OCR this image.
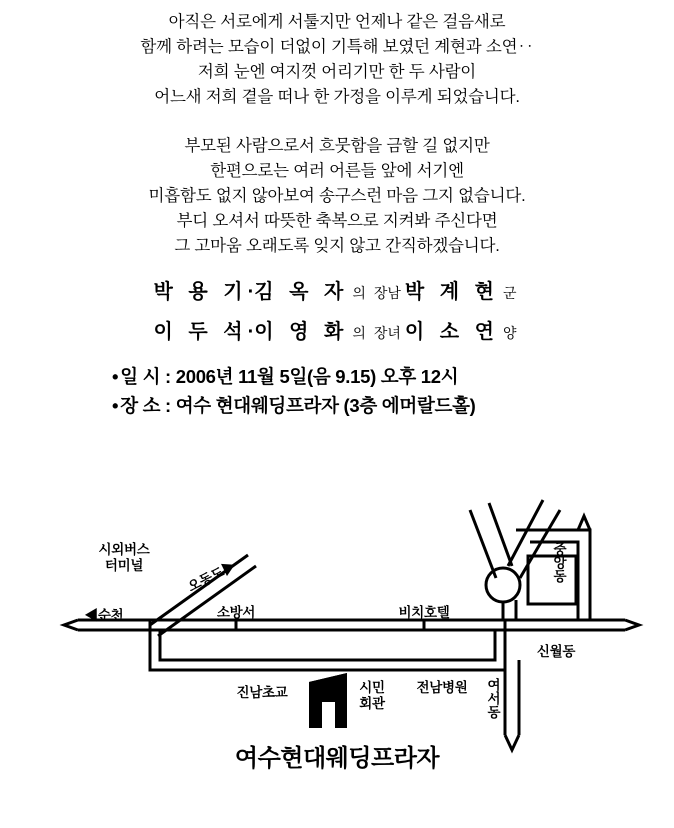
아직은 서로에게 서툴지만 언제나 같은 걸음새로
함께 하려는 모습이 더없이 기특해 보였던 계현과 소연‥
저희 눈엔 여지껏 어리기만 한 두 사람이
어느새 저희 곁을 떠나 한 가정을 이루게 되었습니다.
부모된 사람으로서 흐뭇함을 금할 길 없지만
한편으로는 여러 어른들 앞에 서기엔
미흡함도 없지 않아보여 송구스런 마음 그지 없습니다.
부디 오셔서 따뜻한 축복으로 지켜봐 주신다면
그 고마움 오래도록 잊지 않고 간직하겠습니다.
박 용 기·김 옥 자 의 장남 박 계 현 군
이 두 석·이 영 화 의 장녀 이 소 연 양
• 일 시 : 2006년 11월 5일(음 9.15) 오후 12시
• 장 소 : 여수 현대웨딩프라자 (3층 에머랄드홀)
시외버스
터미널
◀순천
오동도▶
소방서	비치호텔
중앙동
신월동
진남초교	시민
회관
전남병원	여서동
여수현대웨딩프라자
